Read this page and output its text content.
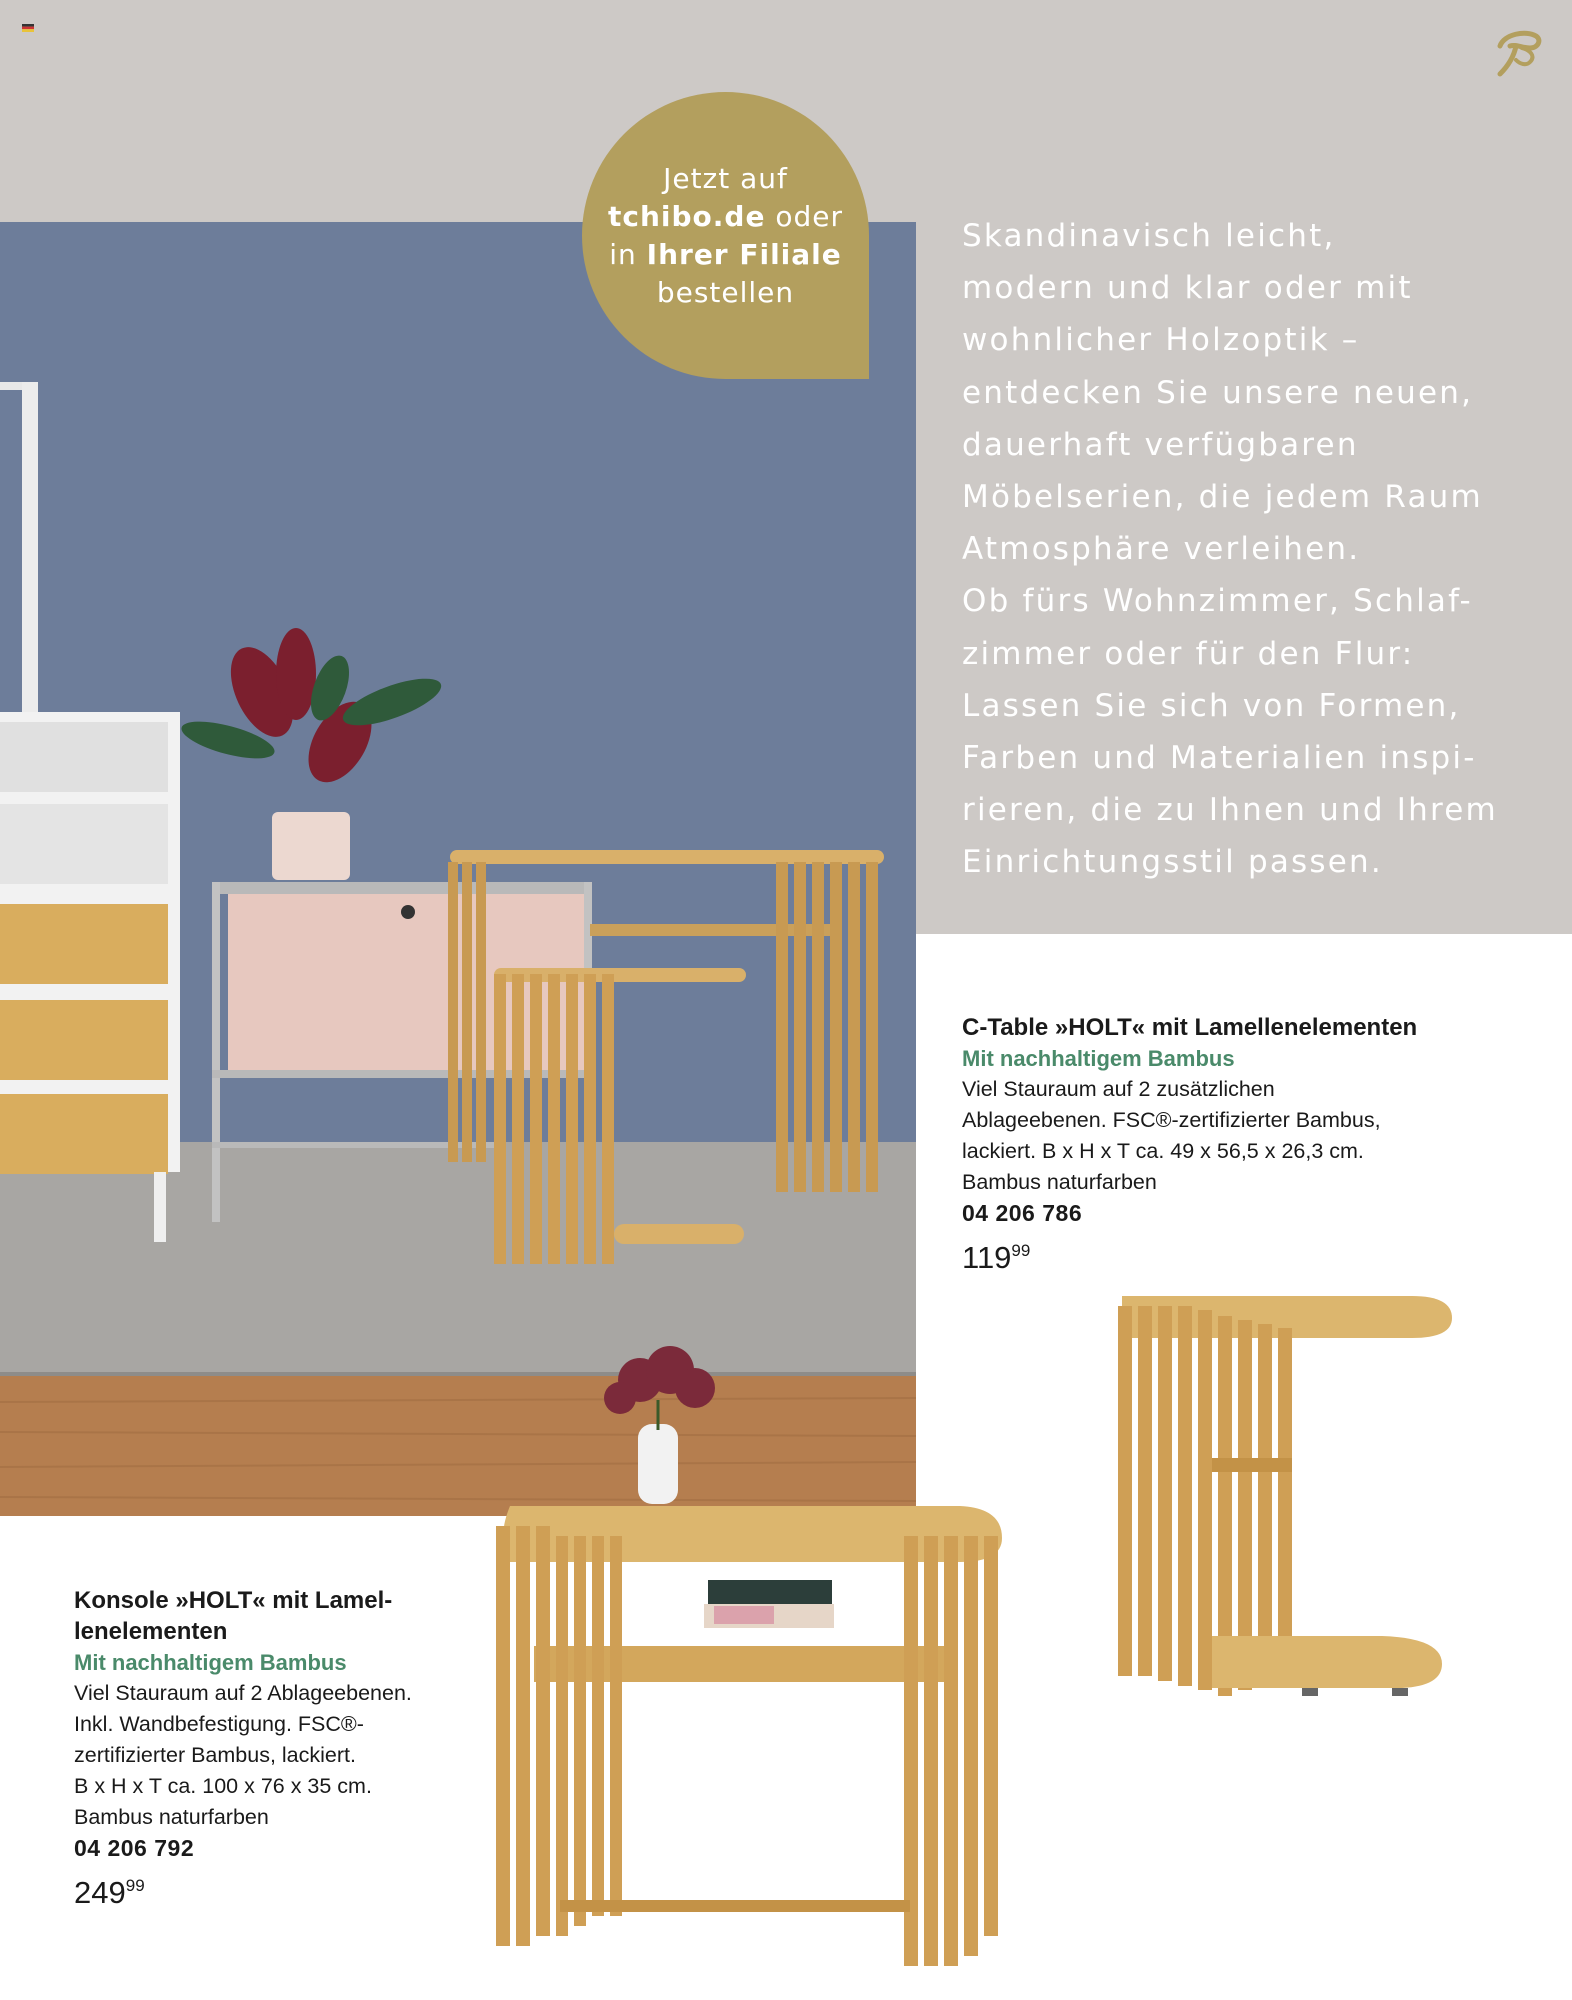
Jetzt auf
tchibo.de oder
in Ihrer Filiale
bestellen

Skandinavisch leicht,

modern und klar oder mit

wohnlicher Holzoptik –

entdecken Sie unsere neuen,

dauerhaft verfügbaren

Möbelserien, die jedem Raum

Atmosphäre verleihen.

Ob fürs Wohnzimmer, Schlaf-

zimmer oder für den Flur:

Lassen Sie sich von Formen,

Farben und Materialien inspi-

rieren, die zu Ihnen und Ihrem

Einrichtungsstil passen.

C-Table »HOLT« mit Lamellenelementen
Mit nachhaltigem Bambus
Viel Stauraum auf 2 zusätzlichen
Ablageebenen. FSC®-zertifizierter Bambus,
lackiert. B x H x T ca. 49 x 56,5 x 26,3 cm.
Bambus naturfarben
04 206 786
$119^{99}$
Konsole »HOLT« mit Lamel-
lenelementen
Mit nachhaltigem Bambus
Viel Stauraum auf 2 Ablageebenen.
Inkl. Wandbefestigung. FSC®-
zertifizierter Bambus, lackiert.
B x H x T ca. 100 x 76 x 35 cm.
Bambus naturfarben
04 206 792
$249^{99}$
